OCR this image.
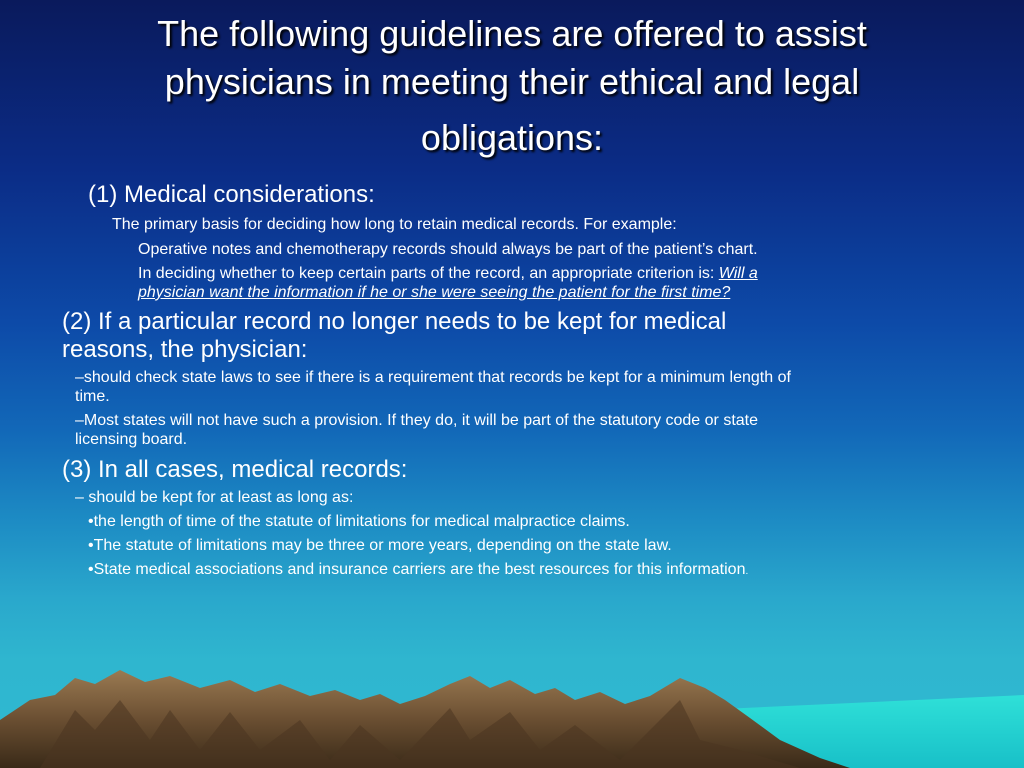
The following guidelines are offered to assist
physicians in meeting their ethical and legal
obligations:
(1) Medical considerations:
The primary basis for deciding how long to retain medical records. For example:
Operative notes and chemotherapy records should always be part of the patient’s chart.
In deciding whether to keep certain parts of the record, an appropriate criterion is: Will a
physician want the information if he or she were seeing the patient for the first time?
(2) If a particular record no longer needs to be kept for medical
reasons, the physician:
–should check state laws to see if there is a requirement that records be kept for a minimum length of
time.
–Most states will not have such a provision. If they do, it will be part of the statutory code or state
licensing board.
(3) In all cases, medical records:
– should be kept for at least as long as:
•the length of time of the statute of limitations for medical malpractice claims.
•The statute of limitations may be three or more years, depending on the state law.
•State medical associations and insurance carriers are the best resources for this information.
